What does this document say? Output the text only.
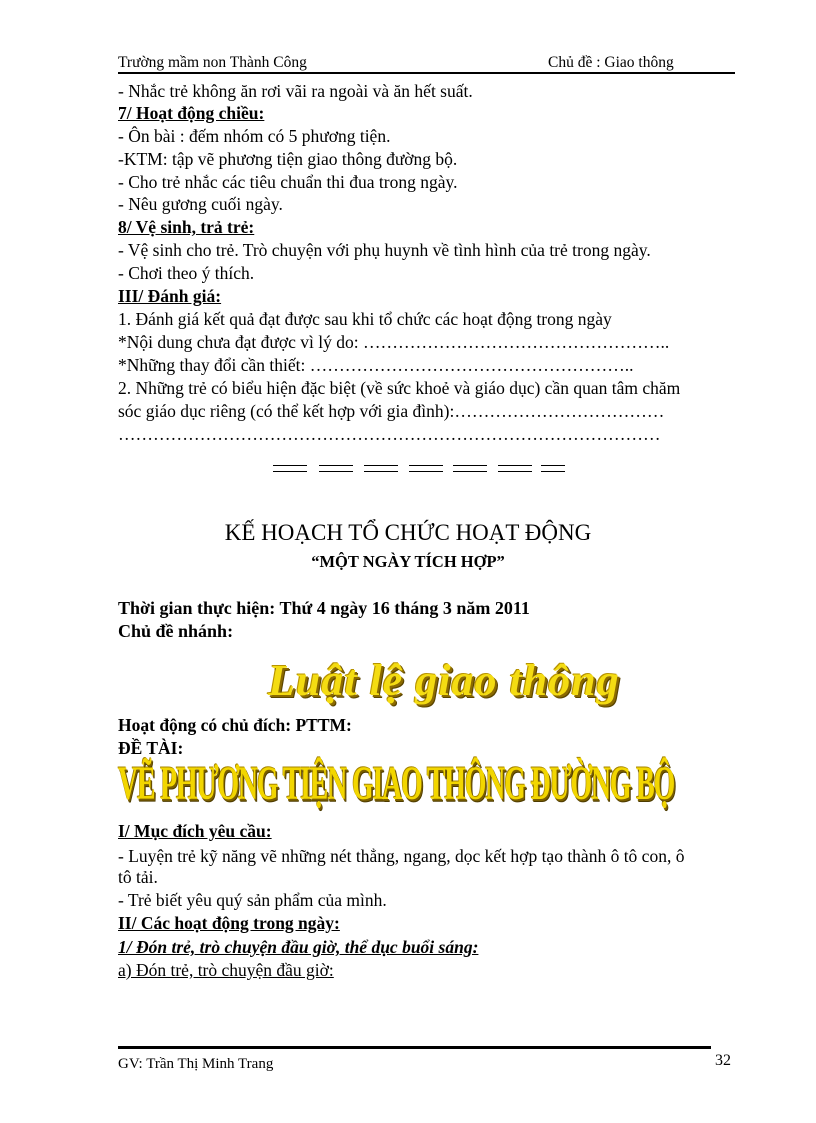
Trường mầm non Thành Công	Chủ đề : Giao thông
- Nhắc trẻ không ăn rơi vãi ra ngoài và ăn hết suất.
7/ Hoạt động chiều:
- Ôn bài : đếm nhóm có 5 phương tiện.
-KTM: tập vẽ phương tiện giao thông đường bộ.
- Cho trẻ nhắc các tiêu chuẩn thi đua trong ngày.
- Nêu gương cuối ngày.
8/ Vệ sinh, trả trẻ:
- Vệ sinh cho trẻ. Trò chuyện với phụ huynh về tình hình của trẻ trong ngày.
- Chơi theo ý thích.
III/ Đánh giá:
1. Đánh giá kết quả đạt được sau khi tổ chức các hoạt động trong ngày
*Nội dung chưa đạt được vì lý do: ……………………………………………..
*Những thay đổi cần thiết: ………………………………………………..
2. Những trẻ có biểu hiện đặc biệt (về sức khoẻ và giáo dục) cần quan tâm chăm
sóc giáo dục riêng (có thể kết hợp với gia đình):………………………………
…………………………………………………………………………………
KẾ HOẠCH TỔ CHỨC HOẠT ĐỘNG
“MỘT NGÀY TÍCH HỢP”
Thời gian thực hiện: Thứ 4 ngày 16 tháng 3 năm 2011
Chủ đề nhánh:
Luật lệ giao thông
Hoạt động có chủ đích: PTTM:
ĐỀ TÀI:
VẼ PHƯƠNG TIỆN GIAO THÔNG ĐƯỜNG BỘ
I/ Mục đích yêu cầu:
- Luyện trẻ kỹ năng vẽ những nét thẳng, ngang, dọc kết hợp tạo thành ô tô con, ô
tô tải.
- Trẻ biết yêu quý sản phẩm của mình.
II/ Các hoạt động trong ngày:
1/ Đón trẻ, trò chuyện đầu giờ, thể dục buổi sáng:
a) Đón trẻ, trò chuyện đầu giờ:
GV: Trần Thị Minh Trang	32
